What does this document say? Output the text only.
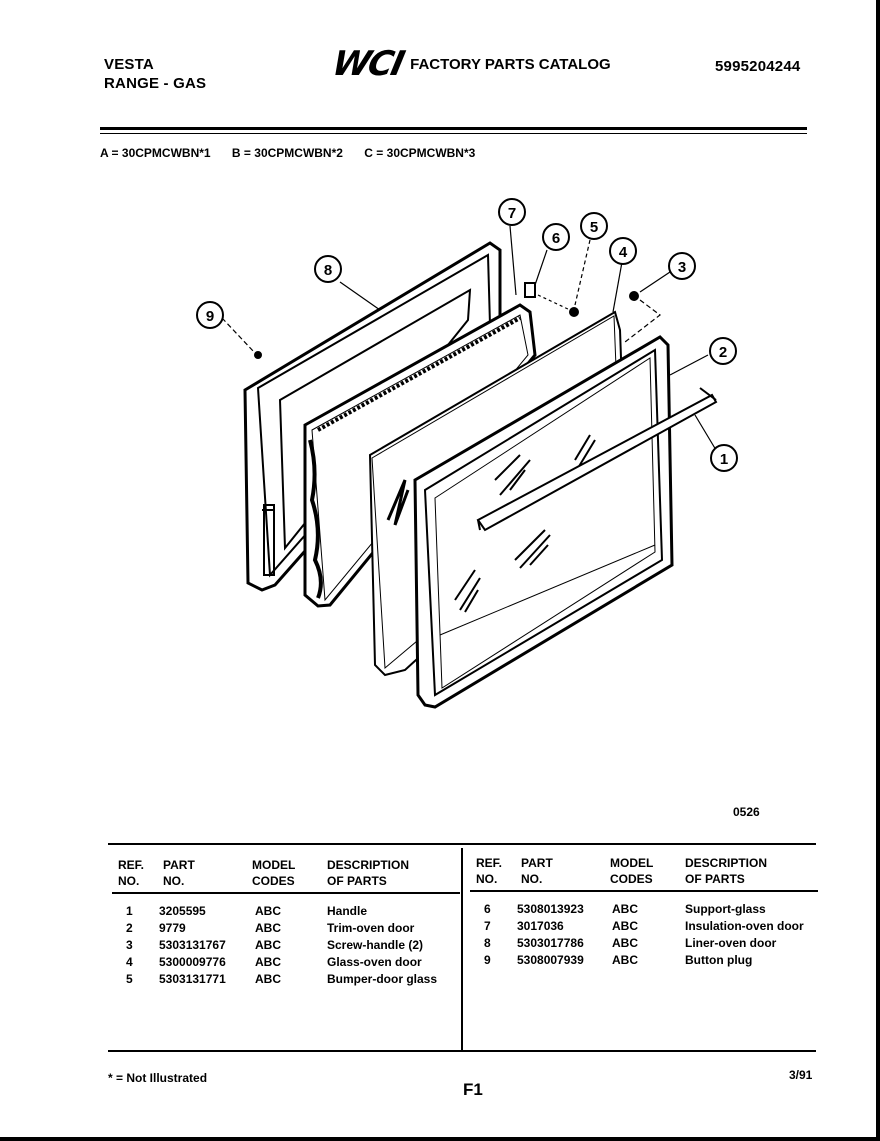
VESTA
RANGE - GAS	WCI FACTORY PARTS CATALOG	5995204244
A = 30CPMCWBN*1 B = 30CPMCWBN*2 C = 30CPMCWBN*3
7
6
5
4
3
2
1
8
9
0526
REF.
NO.
PART
NO.
MODEL
CODES
DESCRIPTION
OF PARTS
1 3205595	ABC	Handle
2 9779	ABC	Trim-oven door
3 5303131767 ABC	Screw-handle (2)
4 5300009776 ABC	Glass-oven door
5 5303131771 ABC	Bumper-door glass
REF.
NO.
PART
NO.
MODEL
CODES
DESCRIPTION
OF PARTS
6 5308013923 ABC	Support-glass
7 3017036	ABC	Insulation-oven door
8 5303017786 ABC	Liner-oven door
9 5308007939 ABC	Button plug
* = Not Illustrated
F1
3/91
